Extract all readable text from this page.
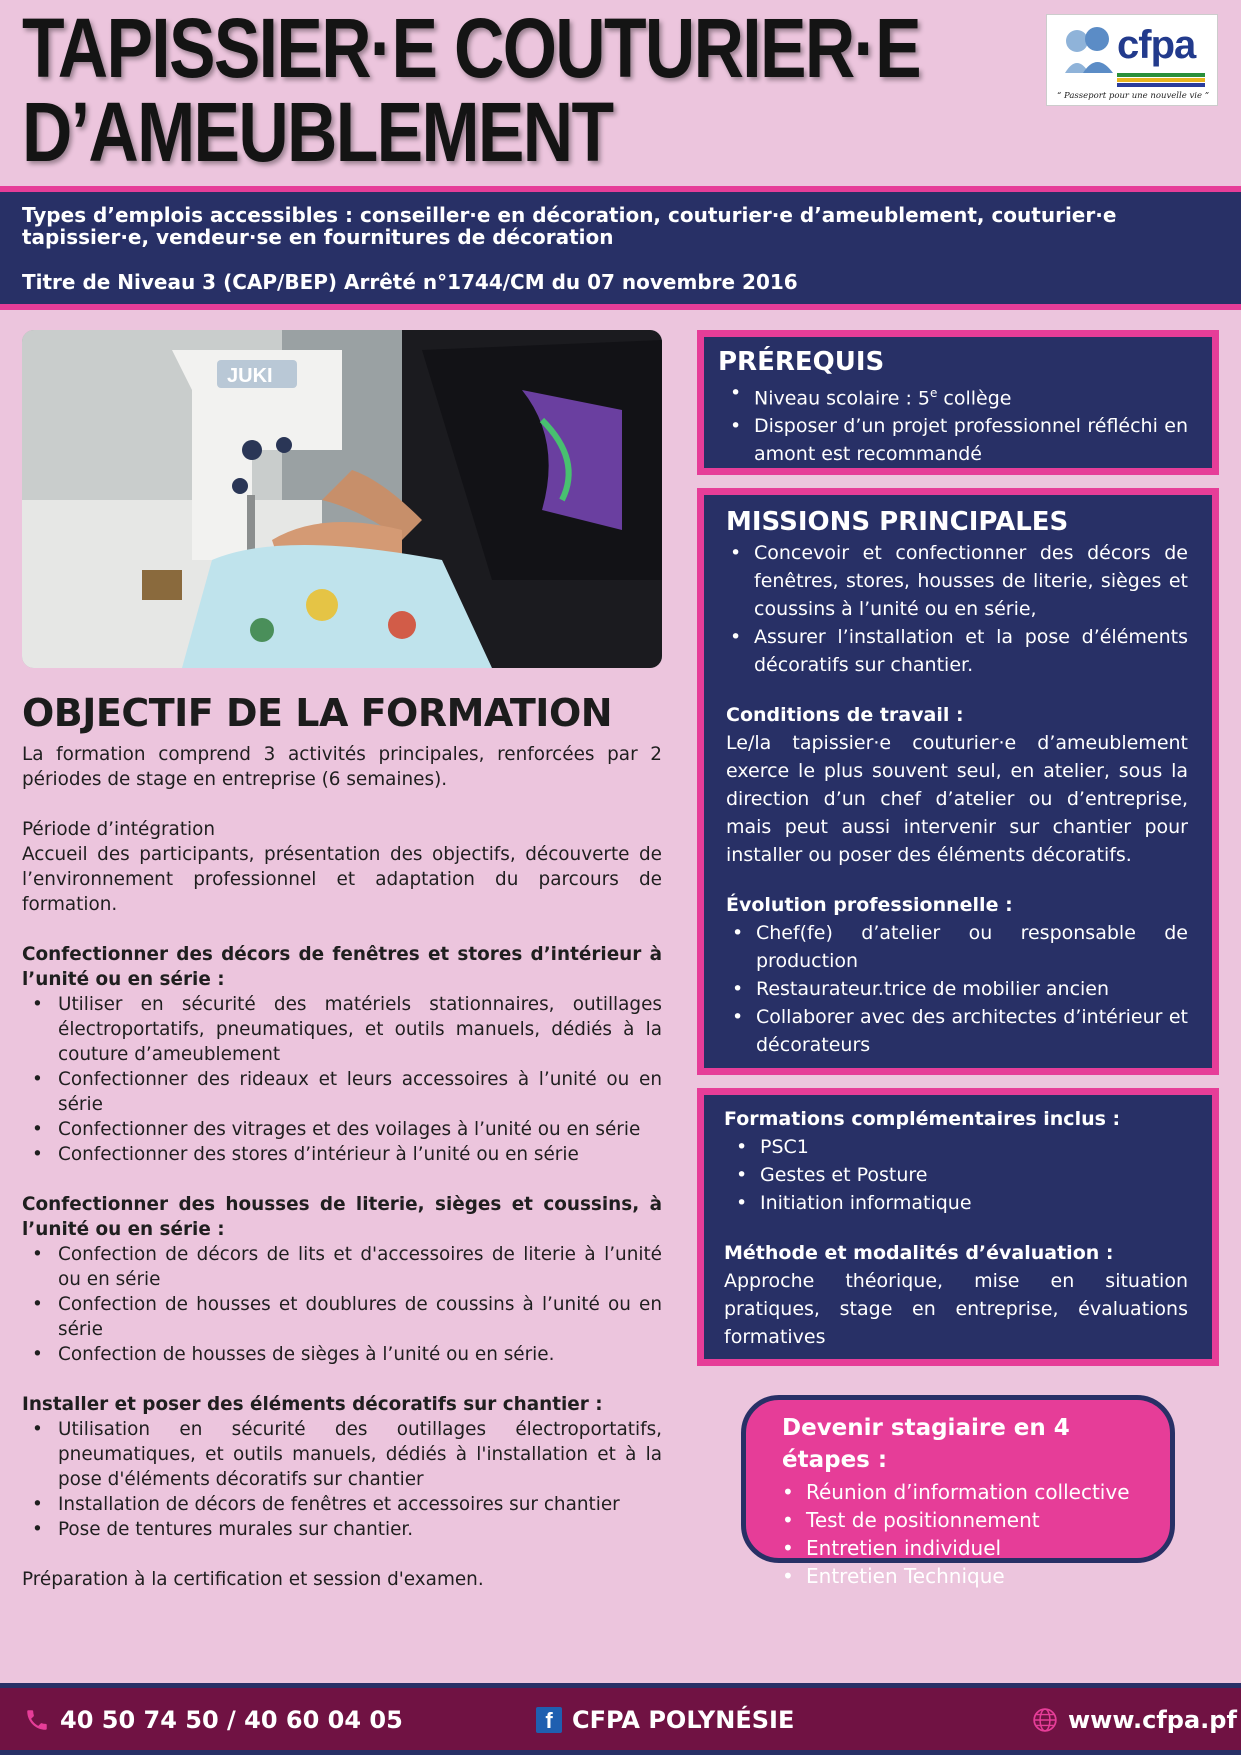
TAPISSIER·E COUTURIER·E
D’AMEUBLEMENT
cfpa
“ Passeport pour une nouvelle vie ”
Types d’emplois accessibles : conseiller·e en décoration, couturier·e d’ameublement, couturier·e tapissier·e, vendeur·se en fournitures de décoration
Titre de Niveau 3 (CAP/BEP) Arrêté n°1744/CM du 07 novembre 2016
JUKI
OBJECTIF DE LA FORMATION

La formation comprend 3 activités principales, renforcées par 2 périodes de stage en entreprise (6 semaines).

Période d’intégration

Accueil des participants, présentation des objectifs, découverte de l’environnement professionnel et adaptation du parcours de formation.

Confectionner des décors de fenêtres et stores d’intérieur à l’unité ou en série :

• Utiliser en sécurité des matériels stationnaires, outillages électroportatifs, pneumatiques, et outils manuels, dédiés à la couture d’ameublement
• Confectionner des rideaux et leurs accessoires à l’unité ou en série
• Confectionner des vitrages et des voilages à l’unité ou en série
• Confectionner des stores d’intérieur à l’unité ou en série

Confectionner des housses de literie, sièges et coussins, à l’unité ou en série :

• Confection de décors de lits et d'accessoires de literie à l’unité ou en série
• Confection de housses et doublures de coussins à l’unité ou en série
• Confection de housses de sièges à l’unité ou en série.

Installer et poser des éléments décoratifs sur chantier :

• Utilisation en sécurité des outillages électroportatifs, pneumatiques, et outils manuels, dédiés à l'installation et à la pose d'éléments décoratifs sur chantier
• Installation de décors de fenêtres et accessoires sur chantier
• Pose de tentures murales sur chantier.

Préparation à la certification et session d'examen.

PRÉREQUIS
• Niveau scolaire : 5e collège
• Disposer d’un projet professionnel réfléchi en amont est recommandé
MISSIONS PRINCIPALES
• Concevoir et confectionner des décors de fenêtres, stores, housses de literie, sièges et coussins à l’unité ou en série,
• Assurer l’installation et la pose d’éléments décoratifs sur chantier.

Conditions de travail :

Le/la tapissier·e couturier·e d’ameublement exerce le plus souvent seul, en atelier, sous la direction d’un chef d’atelier ou d’entreprise, mais peut aussi intervenir sur chantier pour installer ou poser des éléments décoratifs.

Évolution professionnelle :

• Chef(fe) d’atelier ou responsable de production
• Restaurateur.trice de mobilier ancien
• Collaborer avec des architectes d’intérieur et décorateurs

Formations complémentaires inclus :

• PSC1
• Gestes et Posture
• Initiation informatique

Méthode et modalités d’évaluation :

Approche théorique, mise en situation pratiques, stage en entreprise, évaluations formatives

Devenir stagiaire en 4 étapes :
• Réunion d’information collective
• Test de positionnement
• Entretien individuel
• Entretien Technique
40 50 74 50 / 40 60 04 05	f CFPA POLYNÉSIE	www.cfpa.pf
